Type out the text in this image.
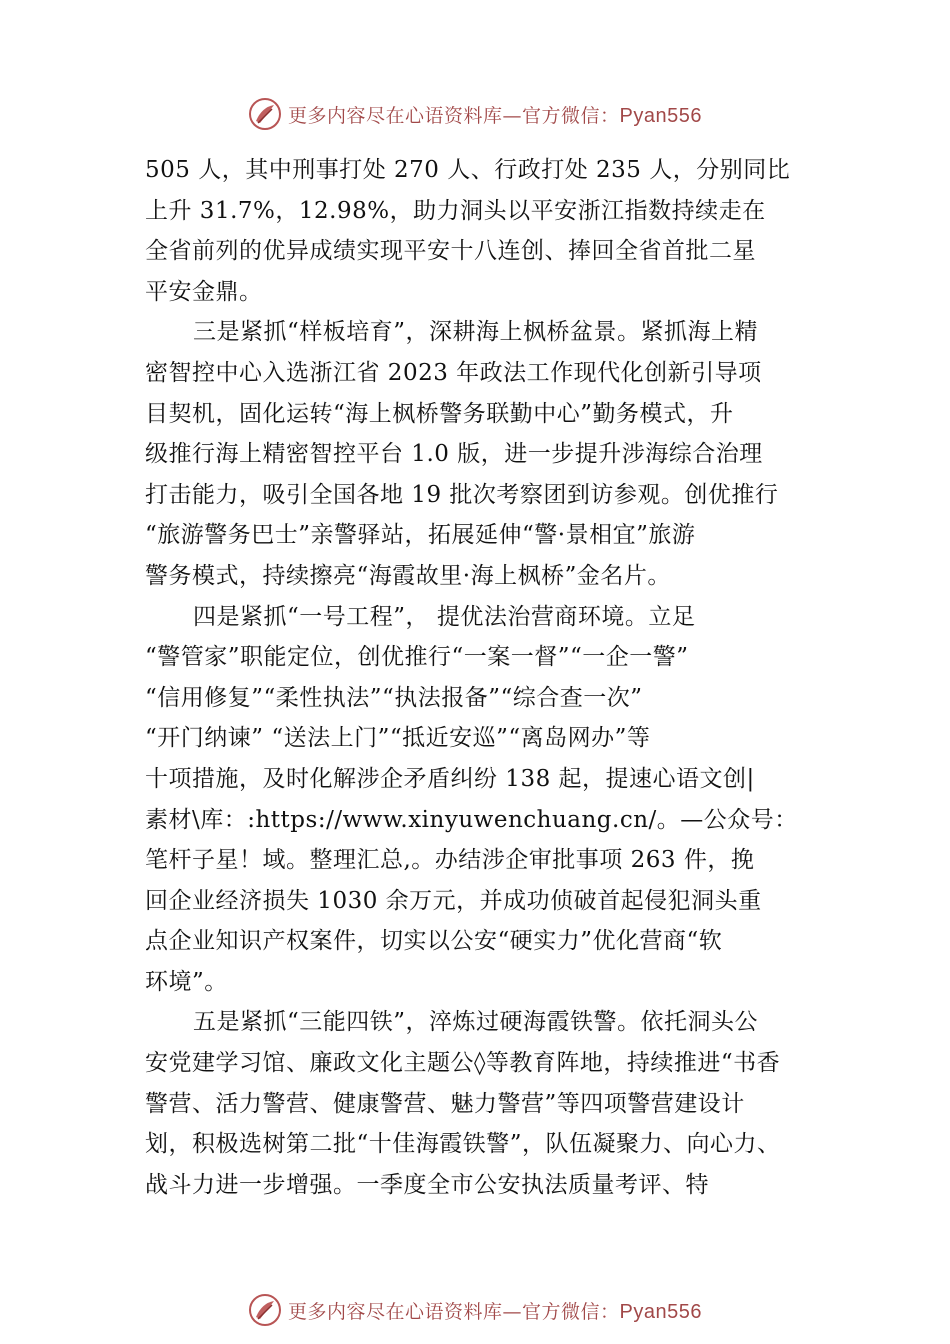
更多内容尽在心语资料库—官方微信：Pyan556
505 人，其中刑事打处 270 人、行政打处 235 人，分别同比
上升 31.7%，12.98%，助力洞头以平安浙江指数持续走在
全省前列的优异成绩实现平安十八连创、捧回全省首批二星
平安金鼎。
三是紧抓“样板培育”，深耕海上枫桥盆景。紧抓海上精
密智控中心入选浙江省 2023 年政法工作现代化创新引导项
目契机，固化运转“海上枫桥警务联勤中心”勤务模式，升
级推行海上精密智控平台 1.0 版，进一步提升涉海综合治理
打击能力，吸引全国各地 19 批次考察团到访参观。创优推行
“旅游警务巴士”亲警驿站，拓展延伸“警·景相宜”旅游
警务模式，持续擦亮“海霞故里·海上枫桥”金名片。
四是紧抓“一号工程”， 提优法治营商环境。立足
“警管家”职能定位，创优推行“一案一督”“一企一警”
“信用修复”“柔性执法”“执法报备”“综合查一次”
“开门纳谏” “送法上门”“抵近安巡”“离岛网办”等
十项措施，及时化解涉企矛盾纠纷 138 起，提速心语文创|
素材\库：:https://www.xinyuwenchuang.cn/。—公众号：
笔杆子星！域。整理汇总,。办结涉企审批事项 263 件，挽
回企业经济损失 1030 余万元，并成功侦破首起侵犯洞头重
点企业知识产权案件，切实以公安“硬实力”优化营商“软
环境”。
五是紧抓“三能四铁”，淬炼过硬海霞铁警。依托洞头公
安党建学习馆、廉政文化主题公◊等教育阵地，持续推进“书香
警营、活力警营、健康警营、魅力警营”等四项警营建设计
划，积极选树第二批“十佳海霞铁警”，队伍凝聚力、向心力、
战斗力进一步增强。一季度全市公安执法质量考评、特
更多内容尽在心语资料库—官方微信：Pyan556
